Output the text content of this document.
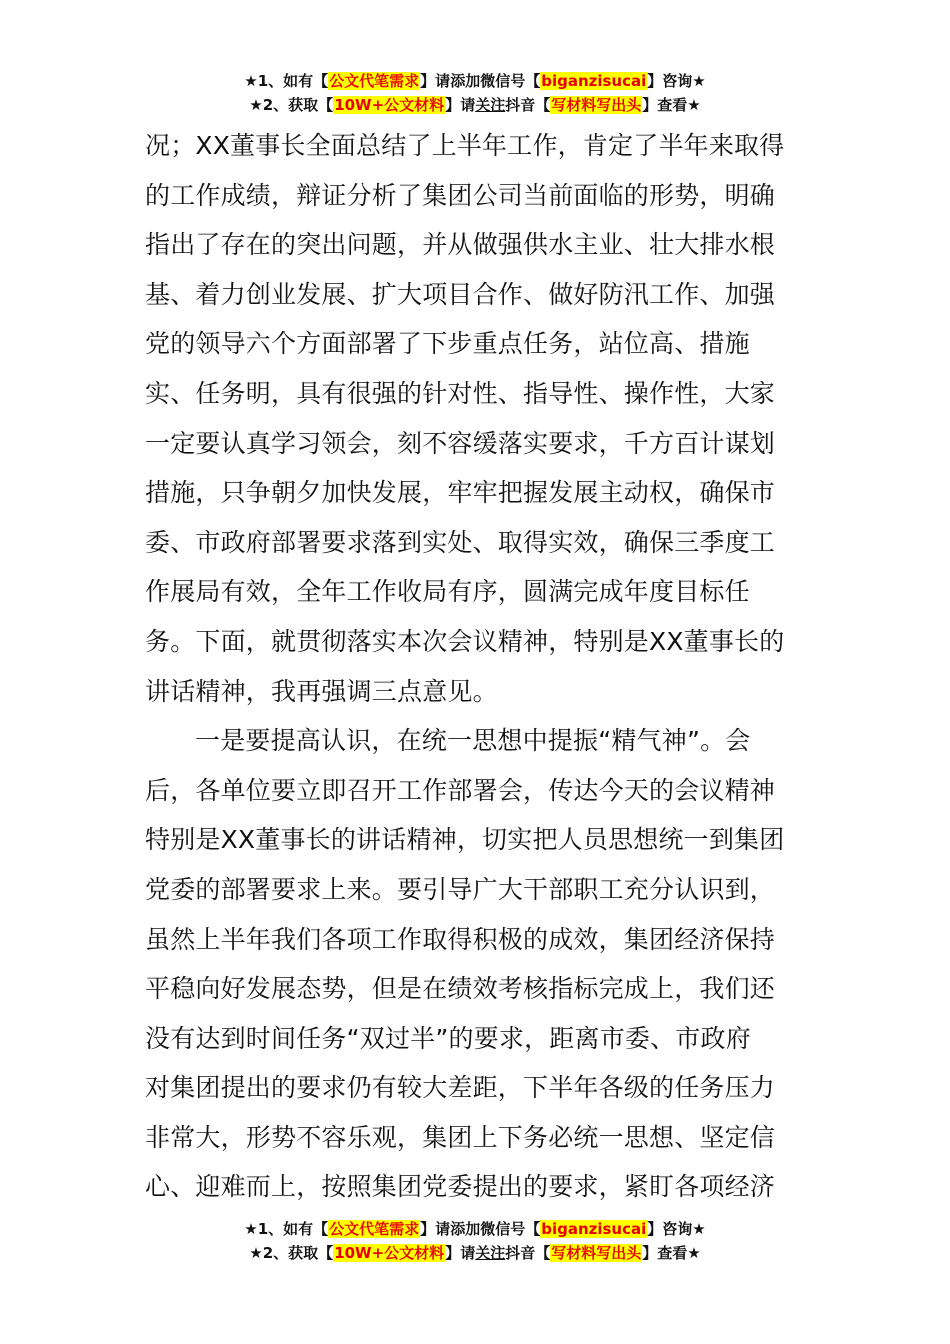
★1、如有【公文代笔需求】请添加微信号【biganzisucai】咨询★
★2、获取【10W+公文材料】请关注抖音【写材料写出头】查看★
况；XX董事长全面总结了上半年工作，肯定了半年来取得
的工作成绩，辩证分析了集团公司当前面临的形势，明确
指出了存在的突出问题，并从做强供水主业、壮大排水根
基、着力创业发展、扩大项目合作、做好防汛工作、加强
党的领导六个方面部署了下步重点任务，站位高、措施
实、任务明，具有很强的针对性、指导性、操作性，大家
一定要认真学习领会，刻不容缓落实要求，千方百计谋划
措施，只争朝夕加快发展，牢牢把握发展主动权，确保市
委、市政府部署要求落到实处、取得实效，确保三季度工
作展局有效，全年工作收局有序，圆满完成年度目标任
务。下面，就贯彻落实本次会议精神，特别是XX董事长的
讲话精神，我再强调三点意见。
一是要提高认识，在统一思想中提振“精气神”。会
后，各单位要立即召开工作部署会，传达今天的会议精神
特别是XX董事长的讲话精神，切实把人员思想统一到集团
党委的部署要求上来。要引导广大干部职工充分认识到，
虽然上半年我们各项工作取得积极的成效，集团经济保持
平稳向好发展态势，但是在绩效考核指标完成上，我们还
没有达到时间任务“双过半”的要求，距离市委、市政府
对集团提出的要求仍有较大差距，下半年各级的任务压力
非常大，形势不容乐观，集团上下务必统一思想、坚定信
心、迎难而上，按照集团党委提出的要求，紧盯各项经济
★1、如有【公文代笔需求】请添加微信号【biganzisucai】咨询★
★2、获取【10W+公文材料】请关注抖音【写材料写出头】查看★
